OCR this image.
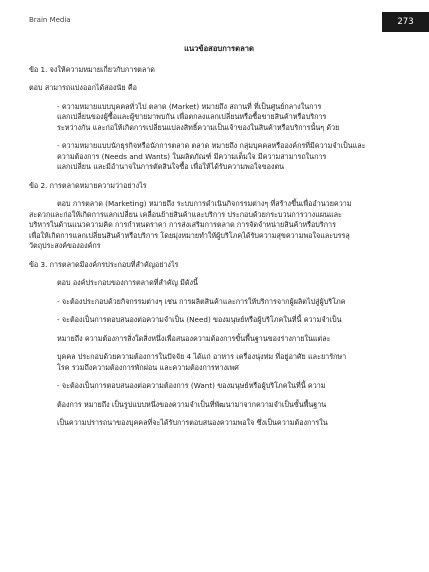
Brain Media	273

แนวข้อสอบการตลาด

ข้อ 1. จงให้ความหมายเกี่ยวกับการตลาด

ตอบ สามารถแบ่งออกได้สองนัย คือ

- ความหมายแบบบุคคลทั่วไป ตลาด (Market) หมายถึง สถานที่ ที่เป็นศูนย์กลางในการ
แลกเปลี่ยนของผู้ซื้อและผู้ขายมาพบกัน เพื่อตกลงแลกเปลี่ยนหรือซื้อขายสินค้าหรือบริการ
ระหว่างกัน และก่อให้เกิดการเปลี่ยนแปลงสิทธิ์ความเป็นเจ้าของในสินค้าหรือบริการนั้นๆ ด้วย
- ความหมายแบบนักธุรกิจหรือนักการตลาด ตลาด หมายถึง กลุ่มบุคคลหรือองค์กรที่มีความจำเป็นและ
ความต้องการ (Needs and Wants) ในผลิตภัณฑ์ มีความเต็มใจ มีความสามารถในการ
แลกเปลี่ยน และมีอำนาจในการตัดสินใจซื้อ เพื่อให้ได้รับความพอใจของตน

ข้อ 2. การตลาดหมายความว่าอย่างไร

ตอบ การตลาด (Marketing) หมายถึง ระบบการดำเนินกิจกรรมต่างๆ ที่สร้างขึ้นเพื่ออำนวยความ
สะดวกและก่อให้เกิดการแลกเปลี่ยน เคลื่อนย้ายสินค้าและบริการ ประกอบด้วยกระบวนการวางแผนและ
บริหารในด้านแนวความคิด การกำหนดราคา การส่งเสริมการตลาด การจัดจำหน่ายสินค้าหรือบริการ
เพื่อให้เกิดการแลกเปลี่ยนสินค้าหรือบริการ โดยมุ่งหมายทำให้ผู้บริโภคได้รับความสุขความพอใจและบรรลุ
วัตถุประสงค์ขององค์กร

ข้อ 3. การตลาดมีองค์กรประกอบที่สำคัญอย่างไร

ตอบ องค์ประกอบของการตลาดที่สำคัญ มีดังนี้

- จะต้องประกอบด้วยกิจกรรมต่างๆ เช่น การผลิตสินค้าและการให้บริการจากผู้ผลิตไปสู่ผู้บริโภค

- จะต้องเป็นการตอบสนองต่อความจำเป็น (Need) ของมนุษย์หรือผู้บริโภคในที่นี้ ความจำเป็น
หมายถึง ความต้องการสิ่งใดสิ่งหนึ่งเพื่อสนองความต้องการขั้นพื้นฐานของร่างกายในแต่ละ
บุคคล ประกอบด้วยความต้องการในปัจจัย 4 ได้แก่ อาหาร เครื่องนุ่งห่ม ที่อยู่อาศัย และยารักษา
โรค รวมถึงความต้องการพักผ่อน และความต้องการทางเพศ
- จะต้องเป็นการตอบสนองต่อความต้องการ (Want) ของมนุษย์หรือผู้บริโภคในที่นี้ ความ
ต้องการ หมายถึง เป็นรูปแบบหนึ่งของความจำเป็นที่พัฒนามาจากความจำเป็นขั้นพื้นฐาน
เป็นความปรารถนาของบุคคลที่จะได้รับการตอบสนองความพอใจ ซึ่งเป็นความต้องการใน
